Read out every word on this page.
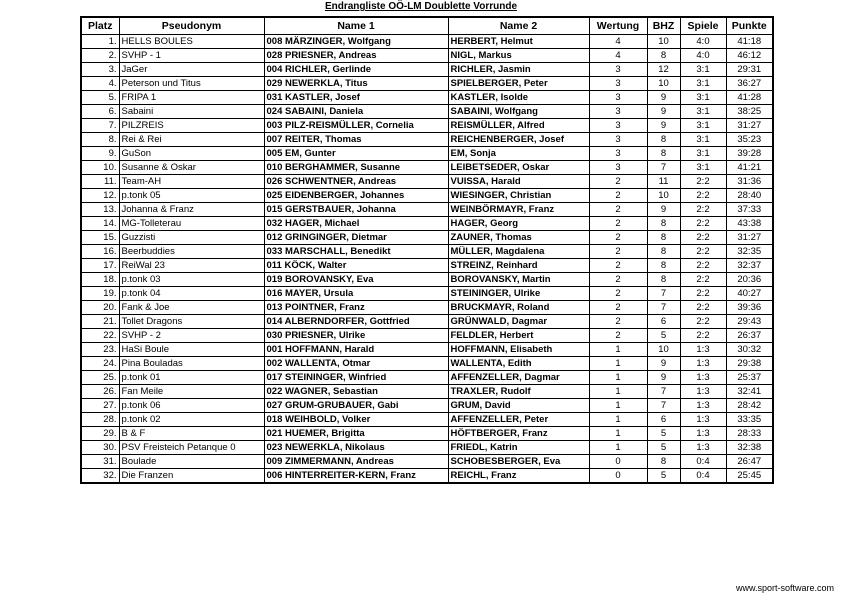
Endrangliste OÖ-LM Doublette Vorrunde
Platz	Pseudonym	Name 1	Name 2	Wertung	BHZ	Spiele	Punkte
1.	HELLS BOULES	008 MÄRZINGER, Wolfgang	HERBERT, Helmut	4	10	4:0	41:18
2.	SVHP - 1	028 PRIESNER, Andreas	NIGL, Markus	4	8	4:0	46:12
3.	JaGer	004 RICHLER, Gerlinde	RICHLER, Jasmin	3	12	3:1	29:31
4.	Peterson und Titus	029 NEWERKLA, Titus	SPIELBERGER, Peter	3	10	3:1	36:27
5.	FRIPA 1	031 KASTLER, Josef	KASTLER, Isolde	3	9	3:1	41:28
6.	Sabaini	024 SABAINI, Daniela	SABAINI, Wolfgang	3	9	3:1	38:25
7.	PILZREIS	003 PILZ-REISMÜLLER, Cornelia	REISMÜLLER, Alfred	3	9	3:1	31:27
8.	Rei & Rei	007 REITER, Thomas	REICHENBERGER, Josef	3	8	3:1	35:23
9.	GuSon	005 EM, Gunter	EM, Sonja	3	8	3:1	39:28
10.	Susanne & Oskar	010 BERGHAMMER, Susanne	LEIBETSEDER, Oskar	3	7	3:1	41:21
11.	Team-AH	026 SCHWENTNER, Andreas	VUISSA, Harald	2	11	2:2	31:36
12.	p.tonk 05	025 EIDENBERGER, Johannes	WIESINGER, Christian	2	10	2:2	28:40
13.	Johanna & Franz	015 GERSTBAUER, Johanna	WEINBÖRMAYR, Franz	2	9	2:2	37:33
14.	MG-Tolleterau	032 HAGER, Michael	HAGER, Georg	2	8	2:2	43:38
15.	Guzzisti	012 GRINGINGER, Dietmar	ZAUNER, Thomas	2	8	2:2	31:27
16.	Beerbuddies	033 MARSCHALL, Benedikt	MÜLLER, Magdalena	2	8	2:2	32:35
17.	ReiWal 23	011 KÖCK, Walter	STREINZ, Reinhard	2	8	2:2	32:37
18.	p.tonk 03	019 BOROVANSKY, Eva	BOROVANSKY, Martin	2	8	2:2	20:36
19.	p.tonk 04	016 MAYER, Ursula	STEININGER, Ulrike	2	7	2:2	40:27
20.	Fank & Joe	013 POINTNER, Franz	BRUCKMAYR, Roland	2	7	2:2	39:36
21.	Tollet Dragons	014 ALBERNDORFER, Gottfried	GRÜNWALD, Dagmar	2	6	2:2	29:43
22.	SVHP - 2	030 PRIESNER, Ulrike	FELDLER, Herbert	2	5	2:2	26:37
23.	HaSi Boule	001 HOFFMANN, Harald	HOFFMANN, Elisabeth	1	10	1:3	30:32
24.	Pina Bouladas	002 WALLENTA, Otmar	WALLENTA, Edith	1	9	1:3	29:38
25.	p.tonk 01	017 STEININGER, Winfried	AFFENZELLER, Dagmar	1	9	1:3	25:37
26.	Fan Meile	022 WAGNER, Sebastian	TRAXLER, Rudolf	1	7	1:3	32:41
27.	p.tonk 06	027 GRUM-GRUBAUER, Gabi	GRUM, David	1	7	1:3	28:42
28.	p.tonk 02	018 WEIHBOLD, Volker	AFFENZELLER, Peter	1	6	1:3	33:35
29.	B & F	021 HUEMER, Brigitta	HÖFTBERGER, Franz	1	5	1:3	28:33
30.	PSV Freisteich Petanque 0	023 NEWERKLA, Nikolaus	FRIEDL, Katrin	1	5	1:3	32:38
31.	Boulade	009 ZIMMERMANN, Andreas	SCHOBESBERGER, Eva	0	8	0:4	26:47
32.	Die Franzen	006 HINTERREITER-KERN, Franz	REICHL, Franz	0	5	0:4	25:45
www.sport-software.com
